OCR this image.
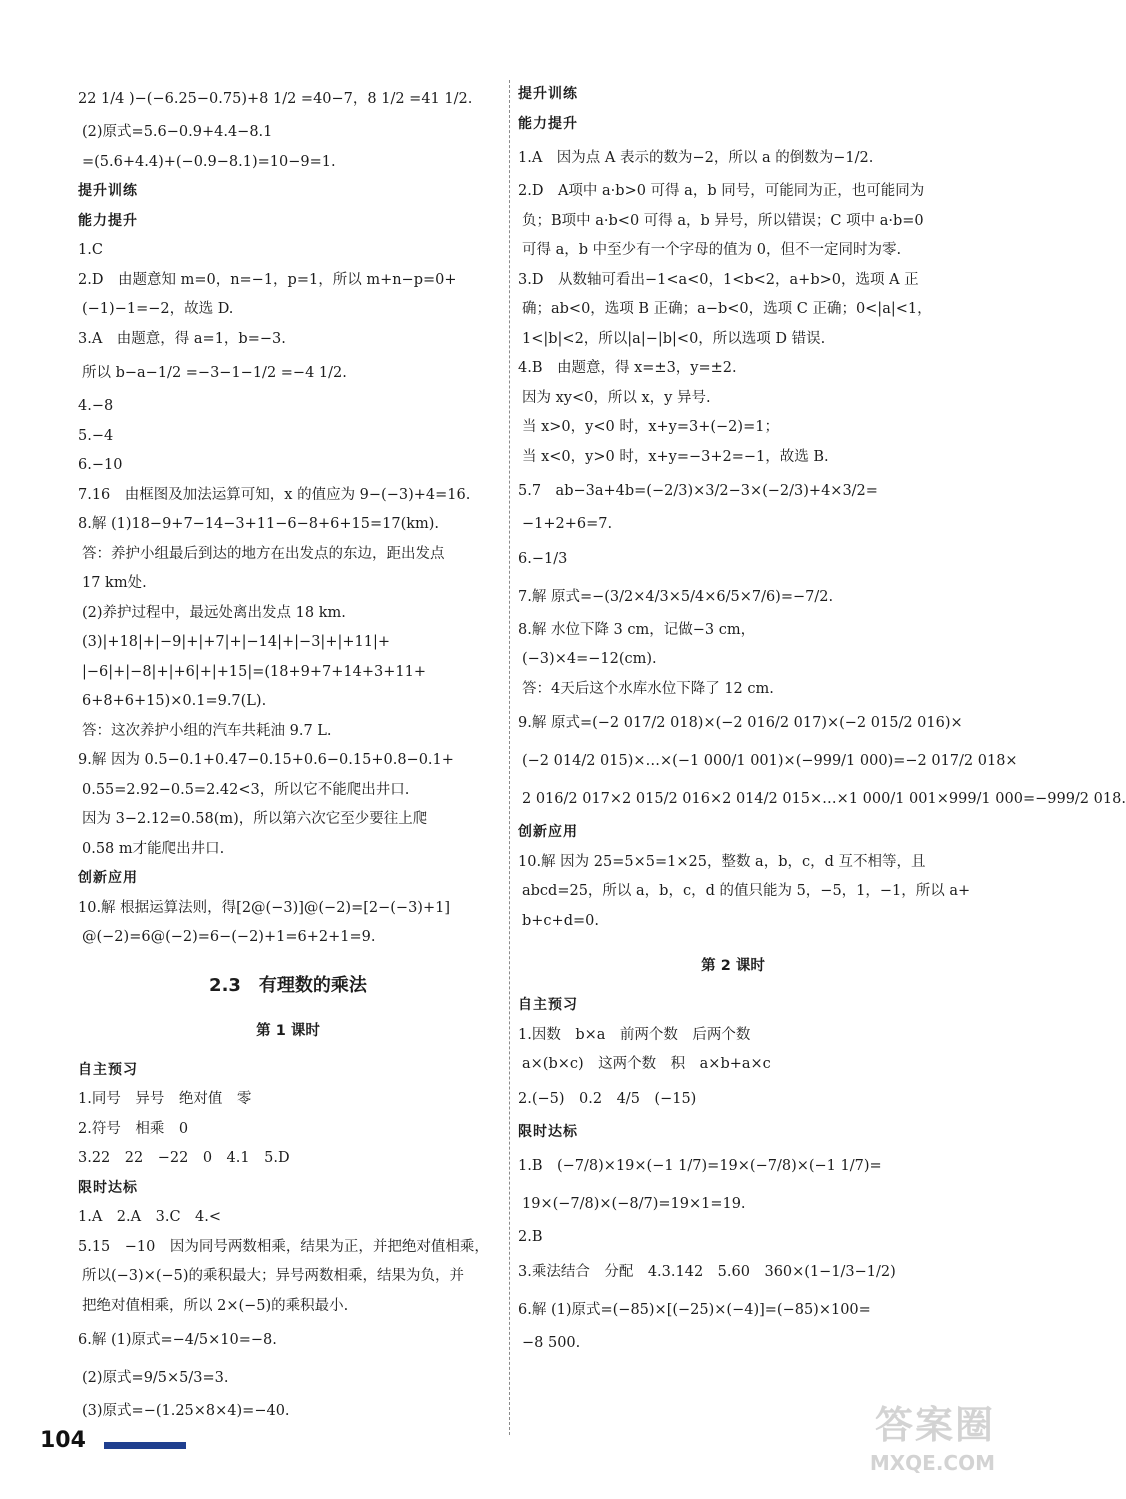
22 1/4 )−(−6.25−0.75)+8 1/2 =40−7，8 1/2 =41 1/2.
(2)原式=5.6−0.9+4.4−8.1
=(5.6+4.4)+(−0.9−8.1)=10−9=1.
提升训练
能力提升
1.C
2.D　由题意知 m=0，n=−1，p=1，所以 m+n−p=0+
(−1)−1=−2，故选 D.
3.A　由题意，得 a=1，b=−3.
所以 b−a−1/2 =−3−1−1/2 =−4 1/2.
4.−8
5.−4
6.−10
7.16　由框图及加法运算可知，x 的值应为 9−(−3)+4=16.
8.解 (1)18−9+7−14−3+11−6−8+6+15=17(km).
答：养护小组最后到达的地方在出发点的东边，距出发点
17 km处.
(2)养护过程中，最远处离出发点 18 km.
(3)|+18|+|−9|+|+7|+|−14|+|−3|+|+11|+
|−6|+|−8|+|+6|+|+15|=(18+9+7+14+3+11+
6+8+6+15)×0.1=9.7(L).
答：这次养护小组的汽车共耗油 9.7 L.
9.解 因为 0.5−0.1+0.47−0.15+0.6−0.15+0.8−0.1+
0.55=2.92−0.5=2.42<3，所以它不能爬出井口.
因为 3−2.12=0.58(m)，所以第六次它至少要往上爬
0.58 m才能爬出井口.
创新应用
10.解 根据运算法则，得[2@(−3)]@(−2)=[2−(−3)+1]
@(−2)=6@(−2)=6−(−2)+1=6+2+1=9.
2.3　有理数的乘法
第 1 课时
自主预习
1.同号　异号　绝对值　零
2.符号　相乘　0
3.22　22　−22　0　4.1　5.D
限时达标
1.A　2.A　3.C　4.<
5.15　−10　因为同号两数相乘，结果为正，并把绝对值相乘，
所以(−3)×(−5)的乘积最大；异号两数相乘，结果为负，并
把绝对值相乘，所以 2×(−5)的乘积最小.
6.解 (1)原式=−4/5×10=−8.
(2)原式=9/5×5/3=3.
(3)原式=−(1.25×8×4)=−40.
提升训练
能力提升
1.A　因为点 A 表示的数为−2，所以 a 的倒数为−1/2.
2.D　A项中 a·b>0 可得 a，b 同号，可能同为正，也可能同为
负；B项中 a·b<0 可得 a，b 异号，所以错误；C 项中 a·b=0
可得 a，b 中至少有一个字母的值为 0，但不一定同时为零.
3.D　从数轴可看出−1<a<0，1<b<2，a+b>0，选项 A 正
确；ab<0，选项 B 正确；a−b<0，选项 C 正确；0<|a|<1，
1<|b|<2，所以|a|−|b|<0，所以选项 D 错误.
4.B　由题意，得 x=±3，y=±2.
因为 xy<0，所以 x，y 异号.
当 x>0，y<0 时，x+y=3+(−2)=1；
当 x<0，y>0 时，x+y=−3+2=−1，故选 B.
5.7　ab−3a+4b=(−2/3)×3/2−3×(−2/3)+4×3/2=
−1+2+6=7.
6.−1/3
7.解 原式=−(3/2×4/3×5/4×6/5×7/6)=−7/2.
8.解 水位下降 3 cm，记做−3 cm，
(−3)×4=−12(cm).
答：4天后这个水库水位下降了 12 cm.
9.解 原式=(−2 017/2 018)×(−2 016/2 017)×(−2 015/2 016)×
(−2 014/2 015)×…×(−1 000/1 001)×(−999/1 000)=−2 017/2 018×
2 016/2 017×2 015/2 016×2 014/2 015×…×1 000/1 001×999/1 000=−999/2 018.
创新应用
10.解 因为 25=5×5=1×25，整数 a，b，c，d 互不相等，且
abcd=25，所以 a，b，c，d 的值只能为 5，−5，1，−1，所以 a+
b+c+d=0.
第 2 课时
自主预习
1.因数　b×a　前两个数　后两个数
a×(b×c)　这两个数　积　a×b+a×c
2.(−5)　0.2　4/5　(−15)
限时达标
1.B　(−7/8)×19×(−1 1/7)=19×(−7/8)×(−1 1/7)=
19×(−7/8)×(−8/7)=19×1=19.
2.B
3.乘法结合　分配　4.3.142　5.60　360×(1−1/3−1/2)
6.解 (1)原式=(−85)×[(−25)×(−4)]=(−85)×100=
−8 500.
104	答案圈
MXQE.COM
